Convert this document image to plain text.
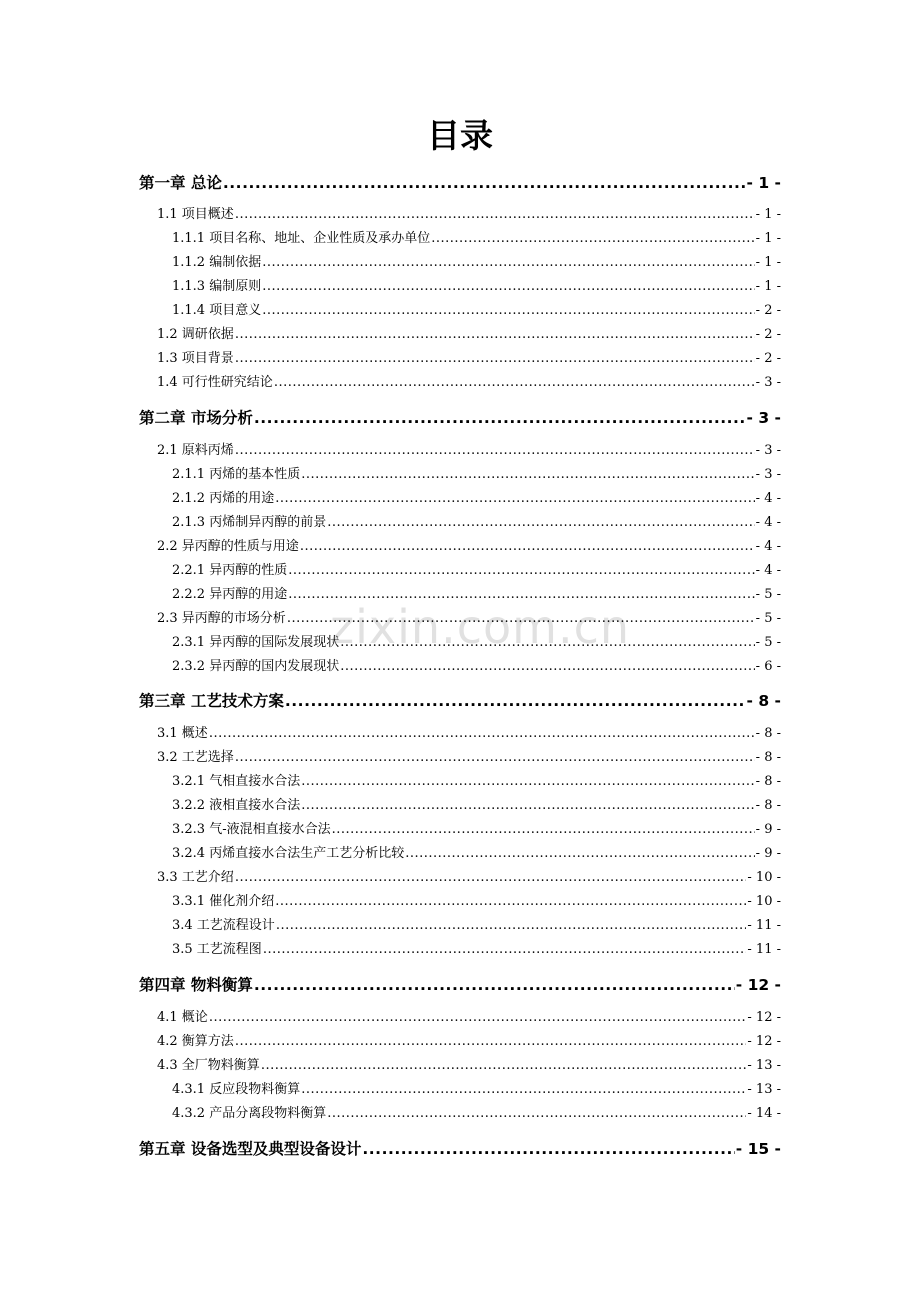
zixin.com.cn
目录
第一章 总论 .....	- 1 -
1.1 项目概述 .....	- 1 -
1.1.1 项目名称、地址、企业性质及承办单位 .....	- 1 -
1.1.2 编制依据 .....	- 1 -
1.1.3 编制原则 .....	- 1 -
1.1.4 项目意义 .....	- 2 -
1.2 调研依据 .....	- 2 -
1.3 项目背景 .....	- 2 -
1.4 可行性研究结论 .....	- 3 -
第二章 市场分析 .....	- 3 -
2.1 原料丙烯 .....	- 3 -
2.1.1 丙烯的基本性质 .....	- 3 -
2.1.2 丙烯的用途 .....	- 4 -
2.1.3 丙烯制异丙醇的前景 .....	- 4 -
2.2 异丙醇的性质与用途 .....	- 4 -
2.2.1 异丙醇的性质 .....	- 4 -
2.2.2 异丙醇的用途 .....	- 5 -
2.3 异丙醇的市场分析 .....	- 5 -
2.3.1 异丙醇的国际发展现状 .....	- 5 -
2.3.2 异丙醇的国内发展现状 .....	- 6 -
第三章 工艺技术方案 .....	- 8 -
3.1 概述 .....	- 8 -
3.2 工艺选择 .....	- 8 -
3.2.1 气相直接水合法 .....	- 8 -
3.2.2 液相直接水合法 .....	- 8 -
3.2.3 气-液混相直接水合法 .....	- 9 -
3.2.4 丙烯直接水合法生产工艺分析比较 .....	- 9 -
3.3 工艺介绍 .....	- 10 -
3.3.1 催化剂介绍 .....	- 10 -
3.4 工艺流程设计 .....	- 11 -
3.5 工艺流程图 .....	- 11 -
第四章 物料衡算 .....	- 12 -
4.1 概论 .....	- 12 -
4.2 衡算方法 .....	- 12 -
4.3 全厂物料衡算 .....	- 13 -
4.3.1 反应段物料衡算 .....	- 13 -
4.3.2 产品分离段物料衡算 .....	- 14 -
第五章 设备选型及典型设备设计 .....	- 15 -
